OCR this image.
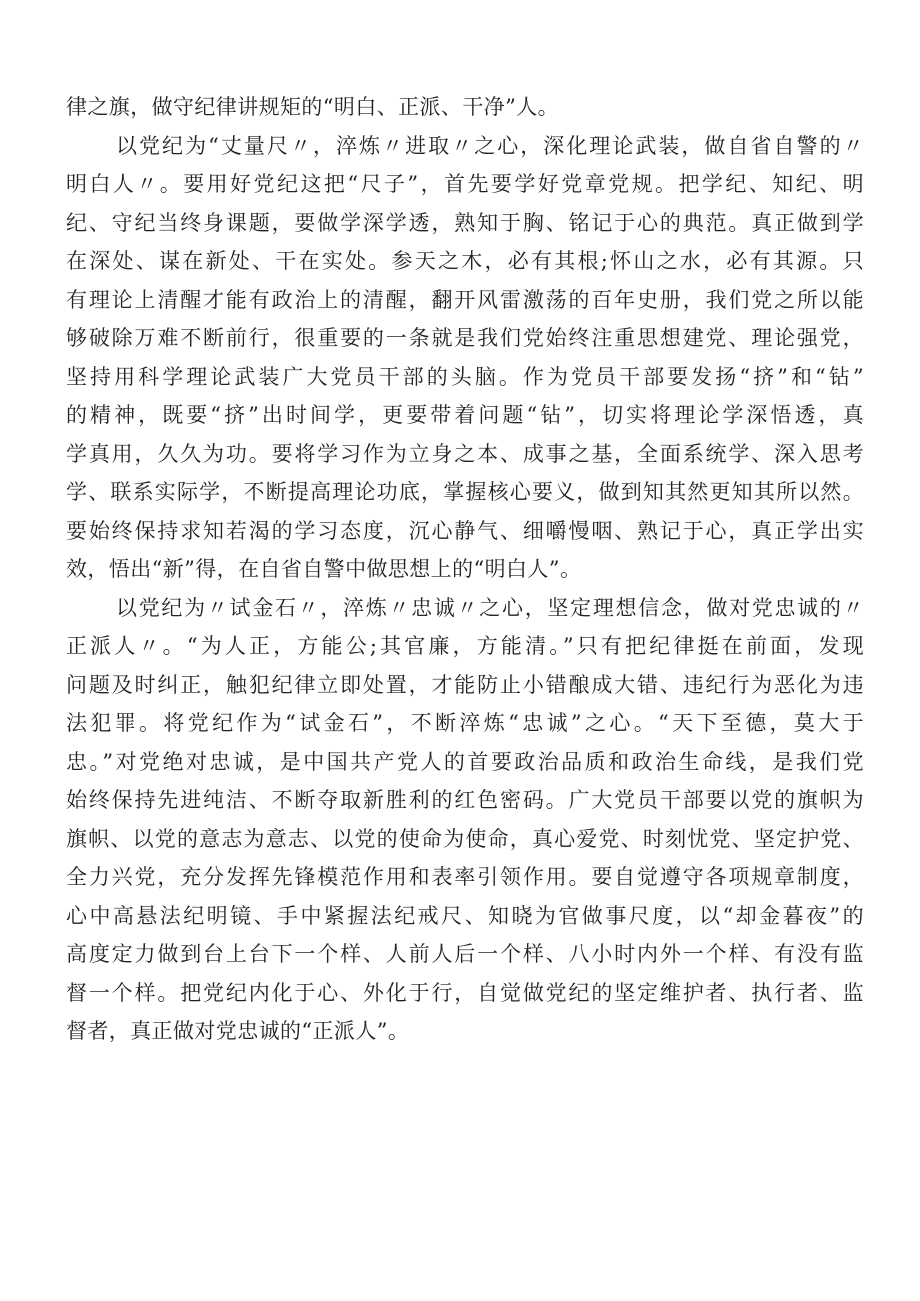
律之旗，做守纪律讲规矩的“明白、正派、干净”人。
以党纪为“丈量尺〃，淬炼〃进取〃之心，深化理论武装，做自省自警的〃
明白人〃。要用好党纪这把“尺子”，首先要学好党章党规。把学纪、知纪、明
纪、守纪当终身课题，要做学深学透，熟知于胸、铭记于心的典范。真正做到学
在深处、谋在新处、干在实处。参天之木，必有其根;怀山之水，必有其源。只
有理论上清醒才能有政治上的清醒，翻开风雷激荡的百年史册，我们党之所以能
够破除万难不断前行，很重要的一条就是我们党始终注重思想建党、理论强党，
坚持用科学理论武装广大党员干部的头脑。作为党员干部要发扬“挤”和“钻”
的精神，既要“挤”出时间学，更要带着问题“钻”，切实将理论学深悟透，真
学真用，久久为功。要将学习作为立身之本、成事之基，全面系统学、深入思考
学、联系实际学，不断提高理论功底，掌握核心要义，做到知其然更知其所以然。
要始终保持求知若渴的学习态度，沉心静气、细嚼慢咽、熟记于心，真正学出实
效，悟出“新”得，在自省自警中做思想上的“明白人”。
以党纪为〃试金石〃，淬炼〃忠诚〃之心，坚定理想信念，做对党忠诚的〃
正派人〃。“为人正，方能公;其官廉，方能清。”只有把纪律挺在前面，发现
问题及时纠正，触犯纪律立即处置，才能防止小错酿成大错、违纪行为恶化为违
法犯罪。将党纪作为“试金石”，不断淬炼“忠诚”之心。“天下至德，莫大于
忠。”对党绝对忠诚，是中国共产党人的首要政治品质和政治生命线，是我们党
始终保持先进纯洁、不断夺取新胜利的红色密码。广大党员干部要以党的旗帜为
旗帜、以党的意志为意志、以党的使命为使命，真心爱党、时刻忧党、坚定护党、
全力兴党，充分发挥先锋模范作用和表率引领作用。要自觉遵守各项规章制度，
心中高悬法纪明镜、手中紧握法纪戒尺、知晓为官做事尺度，以“却金暮夜”的
高度定力做到台上台下一个样、人前人后一个样、八小时内外一个样、有没有监
督一个样。把党纪内化于心、外化于行，自觉做党纪的坚定维护者、执行者、监
督者，真正做对党忠诚的“正派人”。
